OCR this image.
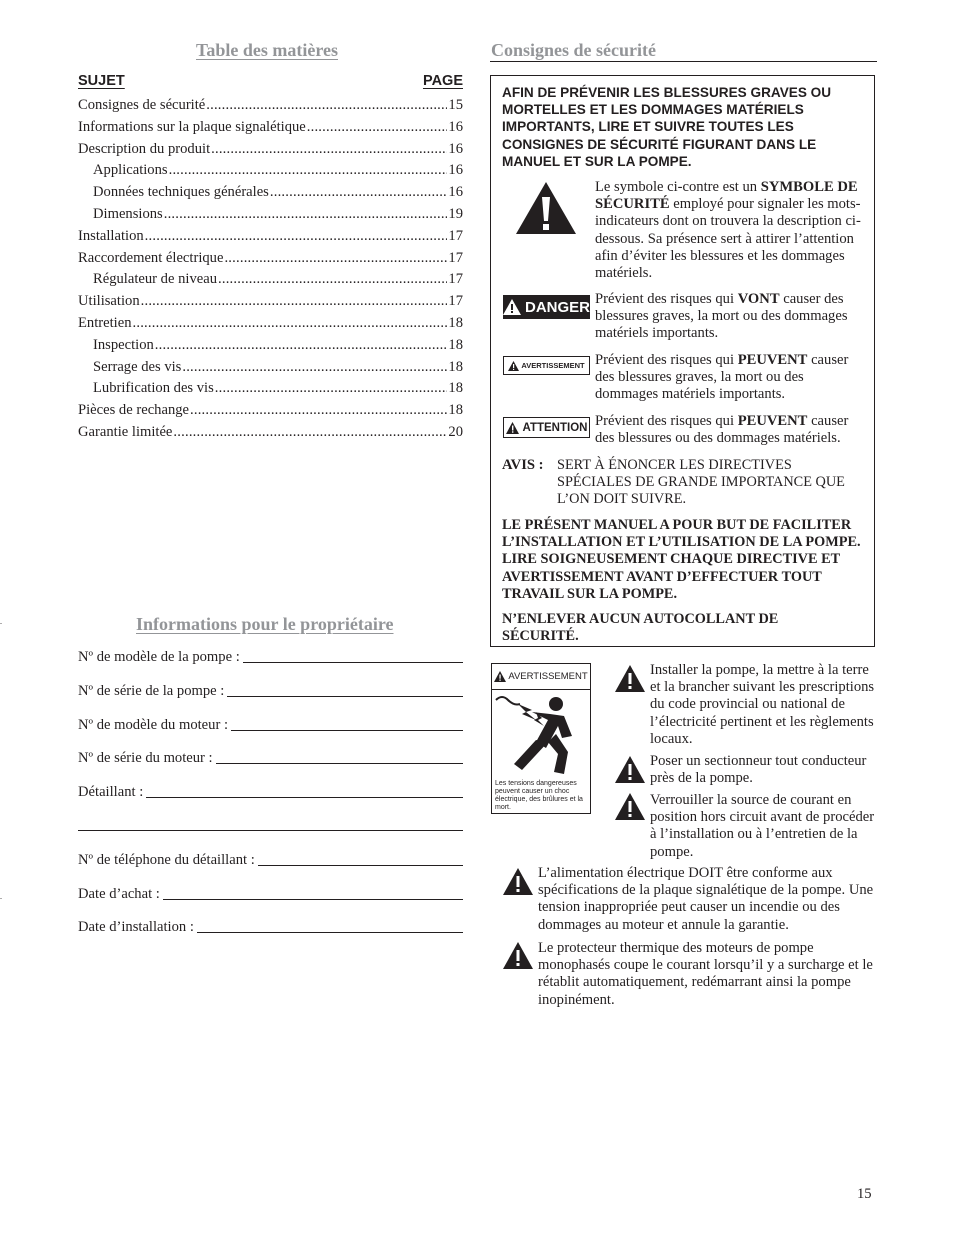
Table des matières
SUJET	PAGE
Consignes de sécurité .....	15
Informations sur la plaque signalétique .....	16
Description du produit .....	16
Applications .....	16
Données techniques générales .....	16
Dimensions .....	19
Installation .....	17
Raccordement électrique .....	17
Régulateur de niveau .....	17
Utilisation .....	17
Entretien .....	18
Inspection .....	18
Serrage des vis .....	18
Lubrification des vis .....	18
Pièces de rechange .....	18
Garantie limitée .....	20
Informations pour le propriétaire
Nº de modèle de la pompe :
Nº de série de la pompe :
Nº de modèle du moteur :
Nº de série du moteur :
Détaillant :
Nº de téléphone du détaillant :
Date d’achat :
Date d’installation :
Consignes de sécurité
AFIN DE PRÉVENIR LES BLESSURES GRAVES OU MORTELLES ET LES DOMMAGES MATÉRIELS IMPORTANTS, LIRE ET SUIVRE TOUTES LES CONSIGNES DE SÉCURITÉ FIGURANT DANS LE MANUEL ET SUR LA POMPE.
Le symbole ci-contre est un SYMBOLE DE SÉCURITÉ employé pour signaler les mots-indicateurs dont on trouvera la description ci-dessous. Sa présence sert à attirer l’attention afin d’éviter les blessures et les dommages matériels.
DANGER Prévient des risques qui VONT causer des blessures graves, la mort ou des dommages matériels importants.
AVERTISSEMENT Prévient des risques qui PEUVENT causer des blessures graves, la mort ou des dommages matériels importants.
ATTENTION Prévient des risques qui PEUVENT causer des blessures ou des dommages matériels.
AVIS : SERT À ÉNONCER LES DIRECTIVES SPÉCIALES DE GRANDE IMPORTANCE QUE L’ON DOIT SUIVRE.
LE PRÉSENT MANUEL A POUR BUT DE FACILITER L’INSTALLATION ET L’UTILISATION DE LA POMPE. LIRE SOIGNEUSEMENT CHAQUE DIRECTIVE ET AVERTISSEMENT AVANT D’EFFECTUER TOUT TRAVAIL SUR LA POMPE.
N’ENLEVER AUCUN AUTOCOLLANT DE SÉCURITÉ.
AVERTISSEMENT
Les tensions dangereuses peuvent causer un choc électrique, des brûlures et la mort.
Installer la pompe, la mettre à la terre et la brancher suivant les prescriptions du code provincial ou national de l’électricité pertinent et les règlements locaux.
Poser un sectionneur tout conducteur près de la pompe.
Verrouiller la source de courant en position hors circuit avant de procéder à l’installation ou à l’entretien de la pompe.
L’alimentation électrique DOIT être conforme aux spécifications de la plaque signalétique de la pompe. Une tension inappropriée peut causer un incendie ou des dommages au moteur et annule la garantie.
Le protecteur thermique des moteurs de pompe monophasés coupe le courant lorsqu’il y a surcharge et le rétablit automatiquement, redémarrant ainsi la pompe inopinément.
15
.
.
